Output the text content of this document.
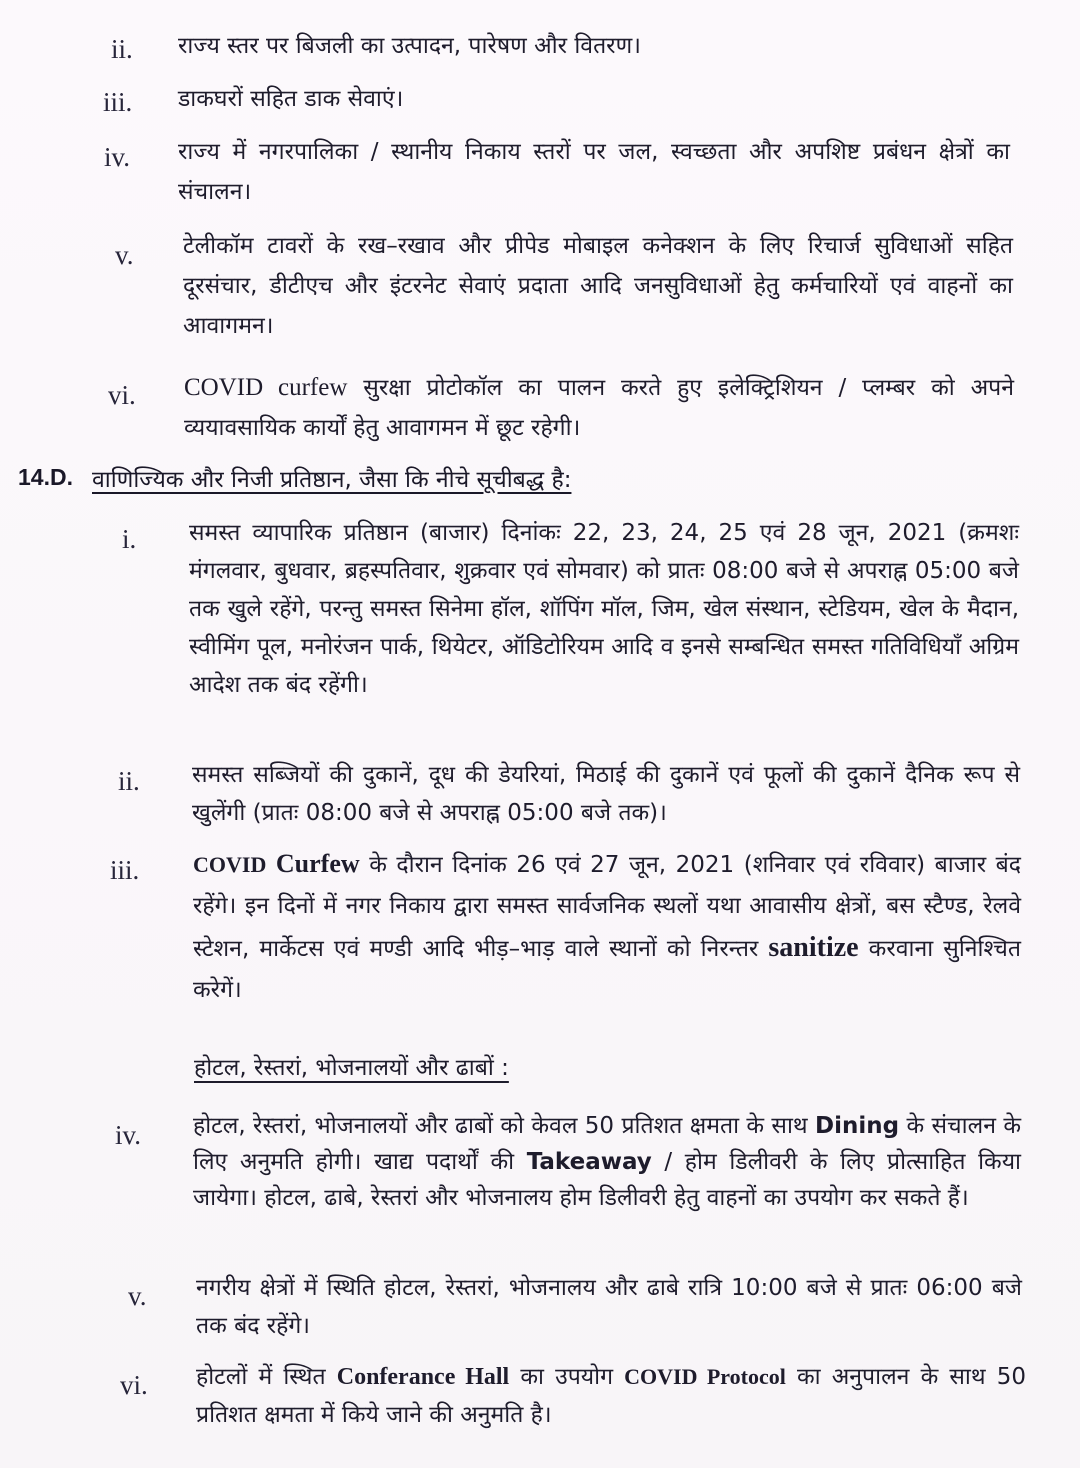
ii. राज्य स्तर पर बिजली का उत्पादन, पारेषण और वितरण।
iii. डाकघरों सहित डाक सेवाएं।
iv. राज्य में नगरपालिका / स्थानीय निकाय स्तरों पर जल, स्वच्छता और अपशिष्ट प्रबंधन क्षेत्रों का संचालन।
v. टेलीकॉम टावरों के रख–रखाव और प्रीपेड मोबाइल कनेक्शन के लिए रिचार्ज सुविधाओं सहित दूरसंचार, डीटीएच और इंटरनेट सेवाएं प्रदाता आदि जनसुविधाओं हेतु कर्मचारियों एवं वाहनों का आवागमन।
vi. COVID curfew सुरक्षा प्रोटोकॉल का पालन करते हुए इलेक्ट्रिशियन / प्लम्बर को अपने व्ययावसायिक कार्यों हेतु आवागमन में छूट रहेगी।
14.D. वाणिज्यिक और निजी प्रतिष्ठान, जैसा कि नीचे सूचीबद्ध है:
i. समस्त व्यापारिक प्रतिष्ठान (बाजार) दिनांकः 22, 23, 24, 25 एवं 28 जून, 2021 (क्रमशः मंगलवार, बुधवार, ब्रहस्पतिवार, शुक्रवार एवं सोमवार) को प्रातः 08:00 बजे से अपराह्न 05:00 बजे तक खुले रहेंगे, परन्तु समस्त सिनेमा हॉल, शॉपिंग मॉल, जिम, खेल संस्थान, स्टेडियम, खेल के मैदान, स्वीमिंग पूल, मनोरंजन पार्क, थियेटर, ऑडिटोरियम आदि व इनसे सम्बन्धित समस्त गतिविधियाँ अग्रिम आदेश तक बंद रहेंगी।
ii. समस्त सब्जियों की दुकानें, दूध की डेयरियां, मिठाई की दुकानें एवं फूलों की दुकानें दैनिक रूप से खुलेंगी (प्रातः 08:00 बजे से अपराह्न 05:00 बजे तक)।
iii. COVID Curfew के दौरान दिनांक 26 एवं 27 जून, 2021 (शनिवार एवं रविवार) बाजार बंद रहेंगे। इन दिनों में नगर निकाय द्वारा समस्त सार्वजनिक स्थलों यथा आवासीय क्षेत्रों, बस स्टैण्ड, रेलवे स्टेशन, मार्केटस एवं मण्डी आदि भीड़–भाड़ वाले स्थानों को निरन्तर sanitize करवाना सुनिश्चित करेगें।
होटल, रेस्तरां, भोजनालयों और ढाबों :
iv. होटल, रेस्तरां, भोजनालयों और ढाबों को केवल 50 प्रतिशत क्षमता के साथ Dining के संचालन के लिए अनुमति होगी। खाद्य पदार्थों की Takeaway / होम डिलीवरी के लिए प्रोत्साहित किया जायेगा। होटल, ढाबे, रेस्तरां और भोजनालय होम डिलीवरी हेतु वाहनों का उपयोग कर सकते हैं।
v. नगरीय क्षेत्रों में स्थिति होटल, रेस्तरां, भोजनालय और ढाबे रात्रि 10:00 बजे से प्रातः 06:00 बजे तक बंद रहेंगे।
vi. होटलों में स्थित Conferance Hall का उपयोग COVID Protocol का अनुपालन के साथ 50 प्रतिशत क्षमता में किये जाने की अनुमति है।
